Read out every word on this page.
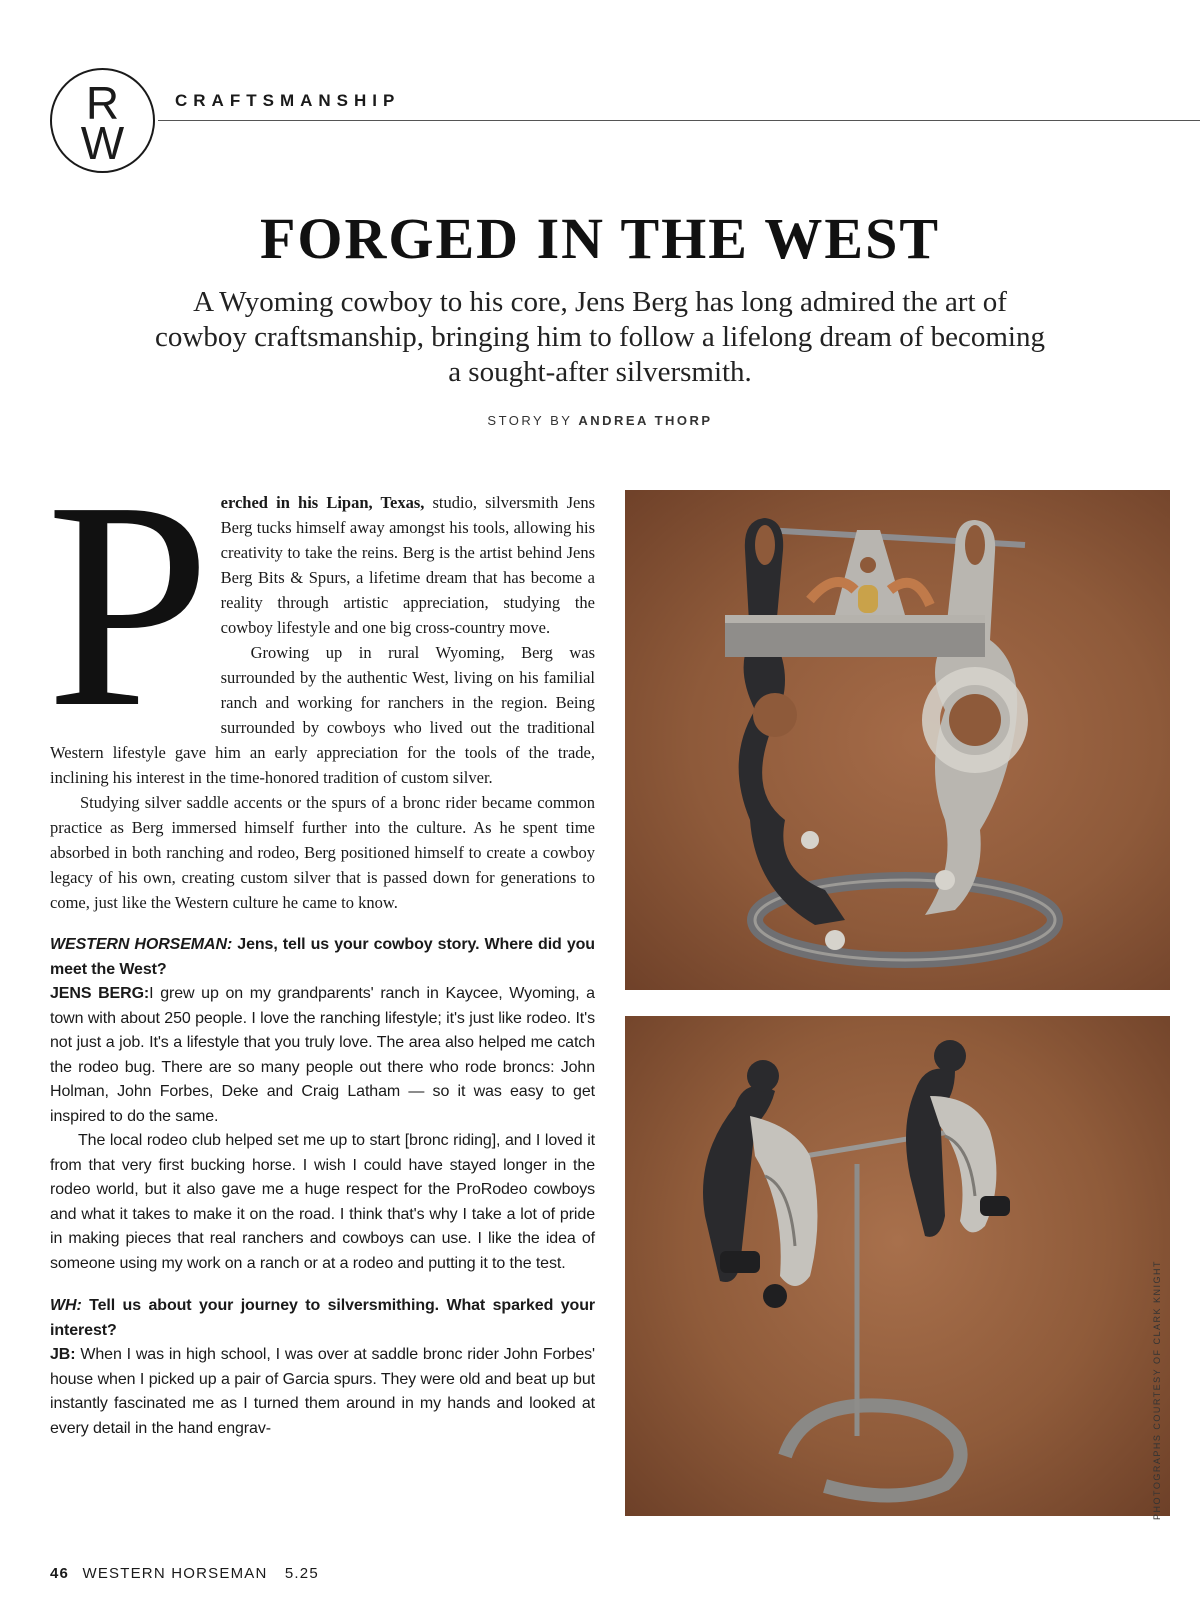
R
W
CRAFTSMANSHIP
FORGED IN THE WEST
A Wyoming cowboy to his core, Jens Berg has long admired the art of cowboy craftsmanship, bringing him to follow a lifelong dream of becoming a sought-after silversmith.
STORY BY ANDREA THORP
P erched in his Lipan, Texas, studio, silversmith Jens Berg tucks himself away amongst his tools, allowing his creativity to take the reins. Berg is the artist behind Jens Berg Bits & Spurs, a lifetime dream that has become a reality through artistic appreciation, studying the cowboy lifestyle and one big cross-country move.

Growing up in rural Wyoming, Berg was surrounded by the authentic West, living on his familial ranch and working for ranchers in the region. Being surrounded by cowboys who lived out the traditional Western lifestyle gave him an early appreciation for the tools of the trade, inclining his interest in the time-honored tradition of custom silver.

Studying silver saddle accents or the spurs of a bronc rider became common practice as Berg immersed himself further into the culture. As he spent time absorbed in both ranching and rodeo, Berg positioned himself to create a cowboy legacy of his own, creating custom silver that is passed down for generations to come, just like the Western culture he came to know.

WESTERN HORSEMAN: Jens, tell us your cowboy story. Where did you meet the West?

JENS BERG:I grew up on my grandparents' ranch in Kaycee, Wyoming, a town with about 250 people. I love the ranching lifestyle; it's just like rodeo. It's not just a job. It's a lifestyle that you truly love. The area also helped me catch the rodeo bug. There are so many people out there who rode broncs: John Holman, John Forbes, Deke and Craig Latham — so it was easy to get inspired to do the same.

The local rodeo club helped set me up to start [bronc riding], and I loved it from that very first bucking horse. I wish I could have stayed longer in the rodeo world, but it also gave me a huge respect for the ProRodeo cowboys and what it takes to make it on the road. I think that's why I take a lot of pride in making pieces that real ranchers and cowboys can use. I like the idea of someone using my work on a ranch or at a rodeo and putting it to the test.

WH: Tell us about your journey to silversmithing. What sparked your interest?

JB: When I was in high school, I was over at saddle bronc rider John Forbes' house when I picked up a pair of Garcia spurs. They were old and beat up but instantly fascinated me as I turned them around in my hands and looked at every detail in the hand engrav-	PHOTOGRAPHS COURTESY OF CLARK KNIGHT
46 WESTERN HORSEMAN 5.25
